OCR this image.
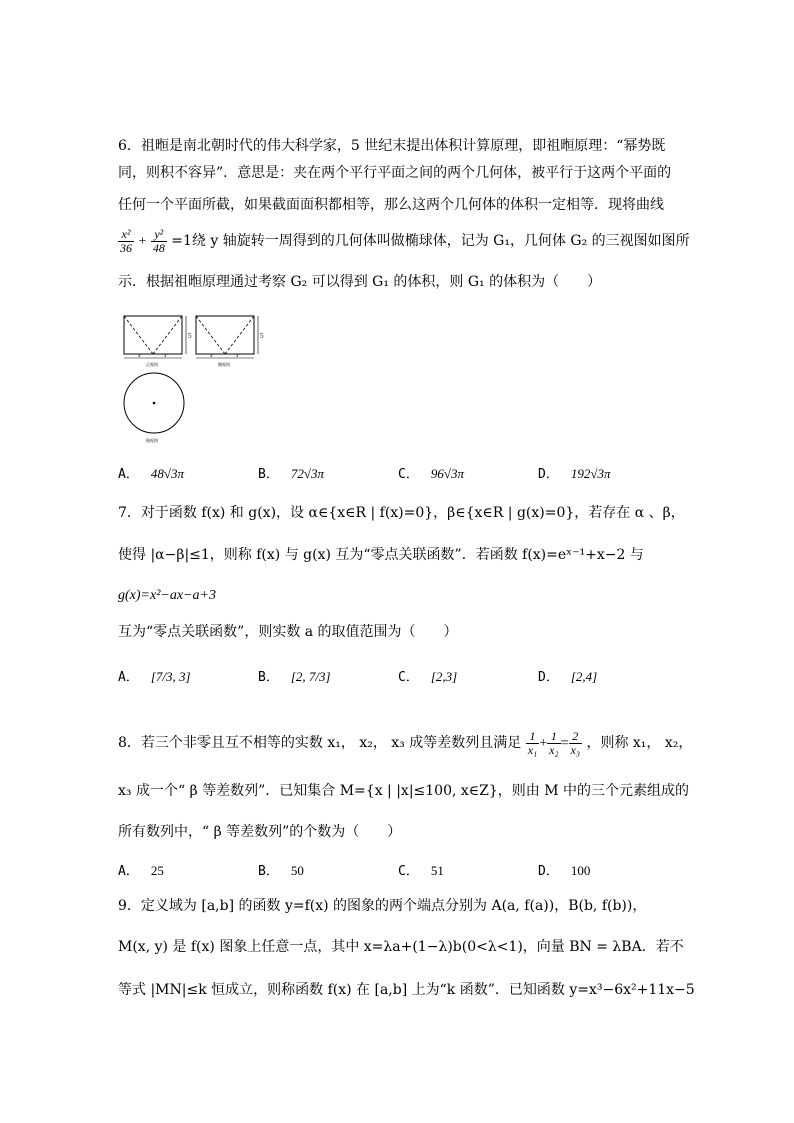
6．祖暅是南北朝时代的伟大科学家，5 世纪末提出体积计算原理，即祖暅原理：“幂势既
同，则积不容异”．意思是：夹在两个平行平面之间的两个几何体，被平行于这两个平面的
任何一个平面所截，如果截面面积都相等，那么这两个几何体的体积一定相等．现将曲线
$\frac{\text{x²}}{36} + \frac{\text{y²}}{48} =1$绕 y 轴旋转一周得到的几何体叫做椭球体，记为 G₁，几何体 G₂ 的三视图如图所
示．根据祖暅原理通过考察 G₂ 可以得到 G₁ 的体积，则 G₁ 的体积为（　　）
5
4	4
正视图
5
4	4
侧视图
俯视图
A． 48√3π	B． 72√3π	C． 96√3π	D． 192√3π
7．对于函数 f(x) 和 g(x)，设 α∈{x∈R | f(x)=0}，β∈{x∈R | g(x)=0}，若存在 α 、β，
使得 |α−β|≤1，则称 f(x) 与 g(x) 互为“零点关联函数”．若函数 f(x)=eˣ⁻¹+x−2 与
g(x)=x²−ax−a+3
互为“零点关联函数”，则实数 a 的取值范围为（　　）
A． [7/3, 3]	B． [2, 7/3]	C． [2,3]	D． [2,4]
8．若三个非零且互不相等的实数 x₁， x₂， x₃ 成等差数列且满足 $\frac{1}{\text{x₁}} + \frac{1}{\text{x₂}} = \frac{2}{\text{x₃}}$ ，则称 x₁， x₂，
x₃ 成一个“ β 等差数列”．已知集合 M={x | |x|≤100, x∈Z}，则由 M 中的三个元素组成的
所有数列中，“ β 等差数列”的个数为（　　）
A． 25	B． 50	C． 51	D． 100
9．定义域为 [a,b] 的函数 y=f(x) 的图象的两个端点分别为 A(a, f(a))，B(b, f(b))，
M(x, y) 是 f(x) 图象上任意一点，其中 x=λa+(1−λ)b(0<λ<1)，向量 BN = λBA．若不
等式 |MN|≤k 恒成立，则称函数 f(x) 在 [a,b] 上为“k 函数”．已知函数 y=x³−6x²+11x−5
